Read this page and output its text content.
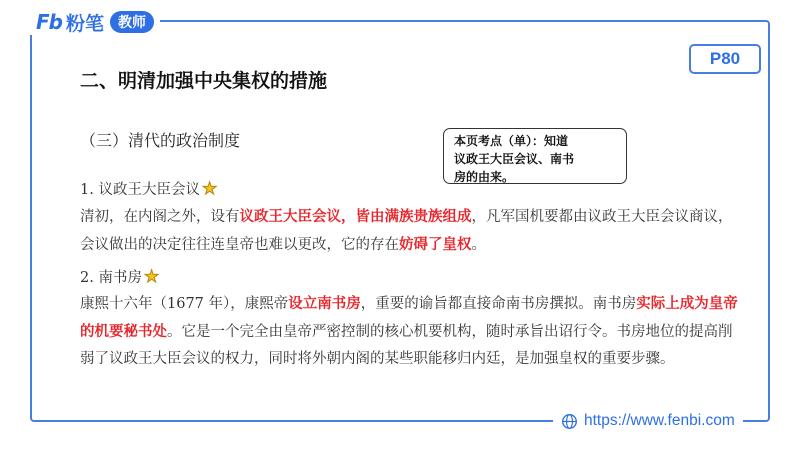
Fb 粉笔	教师
P80
二、明清加强中央集权的措施
（三）清代的政治制度	本页考点（单）：知道
议政王大臣会议、南书
房的由来。
1. 议政王大臣会议 ★
清初，在内阁之外，设有议政王大臣会议，皆由满族贵族组成，凡军国机要都由议政王大臣会议商议，会议做出的决定往往连皇帝也难以更改，它的存在妨碍了皇权。
2. 南书房 ★
康熙十六年（1677 年），康熙帝设立南书房，重要的谕旨都直接命南书房撰拟。南书房实际上成为皇帝的机要秘书处。它是一个完全由皇帝严密控制的核心机要机构，随时承旨出诏行令。书房地位的提高削弱了议政王大臣会议的权力，同时将外朝内阁的某些职能移归内廷，是加强皇权的重要步骤。
https://www.fenbi.com
